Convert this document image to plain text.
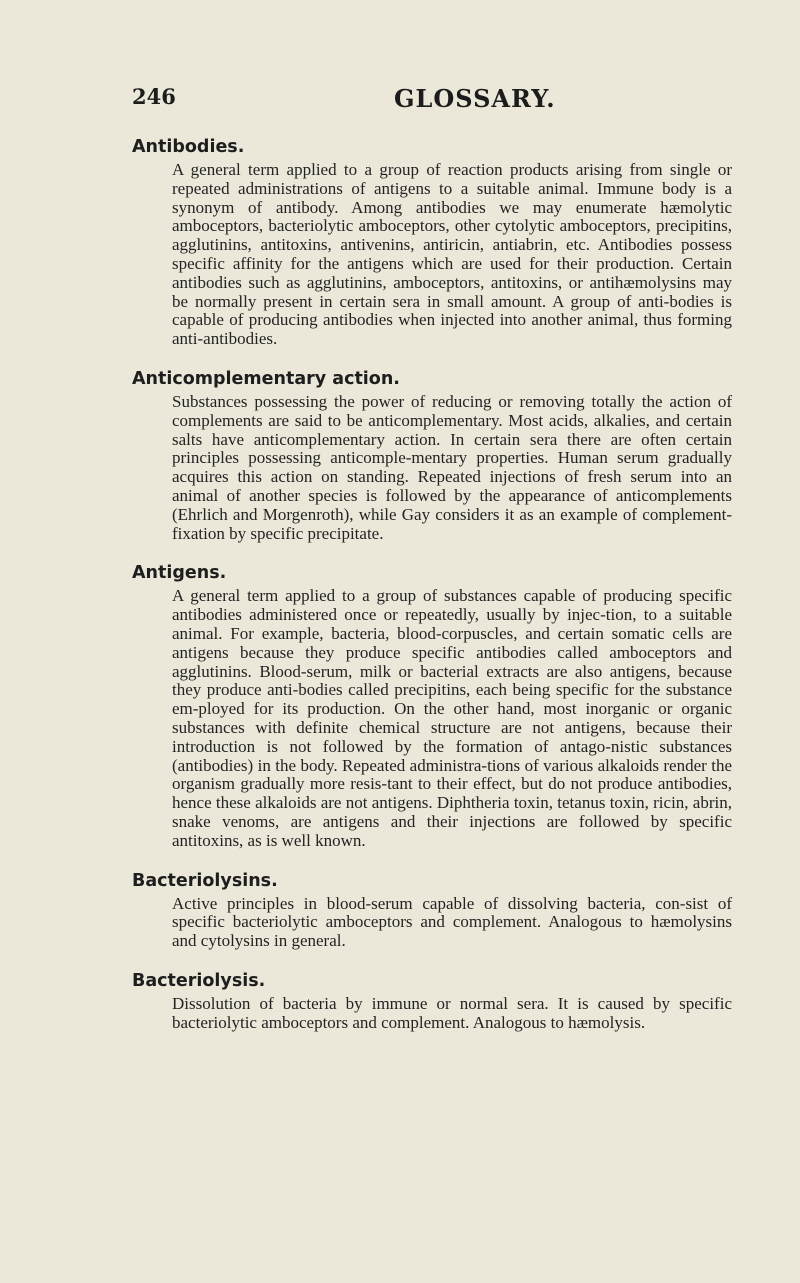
246	GLOSSARY.
Antibodies.
A general term applied to a group of reaction products arising from single or repeated administrations of antigens to a suitable animal. Immune body is a synonym of antibody. Among antibodies we may enumerate hæmolytic amboceptors, bacteriolytic amboceptors, other cytolytic amboceptors, precipitins, agglutinins, antitoxins, antivenins, antiricin, antiabrin, etc. Antibodies possess specific affinity for the antigens which are used for their production. Certain antibodies such as agglutinins, amboceptors, antitoxins, or antihæmolysins may be normally present in certain sera in small amount. A group of anti-bodies is capable of producing antibodies when injected into another animal, thus forming anti-antibodies.
Anticomplementary action.
Substances possessing the power of reducing or removing totally the action of complements are said to be anticomplementary. Most acids, alkalies, and certain salts have anticomplementary action. In certain sera there are often certain principles possessing anticomple-mentary properties. Human serum gradually acquires this action on standing. Repeated injections of fresh serum into an animal of another species is followed by the appearance of anticomplements (Ehrlich and Morgenroth), while Gay considers it as an example of complement-fixation by specific precipitate.
Antigens.
A general term applied to a group of substances capable of producing specific antibodies administered once or repeatedly, usually by injec-tion, to a suitable animal. For example, bacteria, blood-corpuscles, and certain somatic cells are antigens because they produce specific antibodies called amboceptors and agglutinins. Blood-serum, milk or bacterial extracts are also antigens, because they produce anti-bodies called precipitins, each being specific for the substance em-ployed for its production. On the other hand, most inorganic or organic substances with definite chemical structure are not antigens, because their introduction is not followed by the formation of antago-nistic substances (antibodies) in the body. Repeated administra-tions of various alkaloids render the organism gradually more resis-tant to their effect, but do not produce antibodies, hence these alkaloids are not antigens. Diphtheria toxin, tetanus toxin, ricin, abrin, snake venoms, are antigens and their injections are followed by specific antitoxins, as is well known.
Bacteriolysins.
Active principles in blood-serum capable of dissolving bacteria, con-sist of specific bacteriolytic amboceptors and complement. Analogous to hæmolysins and cytolysins in general.
Bacteriolysis.
Dissolution of bacteria by immune or normal sera. It is caused by specific bacteriolytic amboceptors and complement. Analogous to hæmolysis.
